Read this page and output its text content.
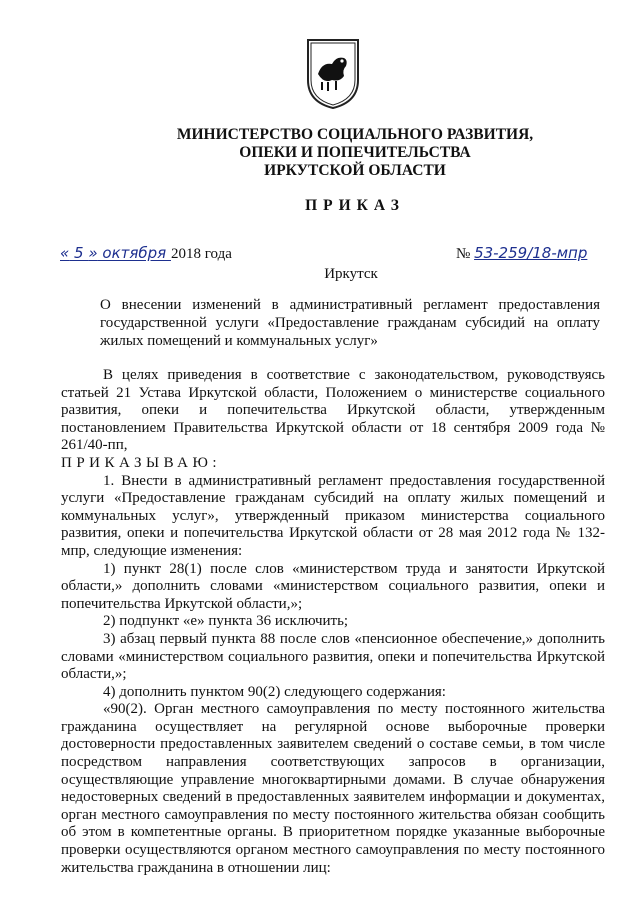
МИНИСТЕРСТВО СОЦИАЛЬНОГО РАЗВИТИЯ,
ОПЕКИ И ПОПЕЧИТЕЛЬСТВА
ИРКУТСКОЙ ОБЛАСТИ
ПРИКАЗ
« 5 » октября 2018 года	№ 53-259/18-мпр
Иркутск
О внесении изменений в административный регламент предоставления государственной услуги «Предоставление гражданам субсидий на оплату жилых помещений и коммунальных услуг»

В целях приведения в соответствие с законодательством, руководствуясь статьей 21 Устава Иркутской области, Положением о министерстве социального развития, опеки и попечительства Иркутской области, утвержденным постановлением Правительства Иркутской области от 18 сентября 2009 года № 261/40-пп,

ПРИКАЗЫВАЮ:

1. Внести в административный регламент предоставления государственной услуги «Предоставление гражданам субсидий на оплату жилых помещений и коммунальных услуг», утвержденный приказом министерства социального развития, опеки и попечительства Иркутской области от 28 мая 2012 года № 132-мпр, следующие изменения:

1) пункт 28(1) после слов «министерством труда и занятости Иркутской области,» дополнить словами «министерством социального развития, опеки и попечительства Иркутской области,»;

2) подпункт «е» пункта 36 исключить;

3) абзац первый пункта 88 после слов «пенсионное обеспечение,» дополнить словами «министерством социального развития, опеки и попечительства Иркутской области,»;

4) дополнить пунктом 90(2) следующего содержания:

«90(2). Орган местного самоуправления по месту постоянного жительства гражданина осуществляет на регулярной основе выборочные проверки достоверности предоставленных заявителем сведений о составе семьи, в том числе посредством направления соответствующих запросов в организации, осуществляющие управление многоквартирными домами. В случае обнаружения недостоверных сведений в предоставленных заявителем информации и документах, орган местного самоуправления по месту постоянного жительства обязан сообщить об этом в компетентные органы. В приоритетном порядке указанные выборочные проверки осуществляются органом местного самоуправления по месту постоянного жительства гражданина в отношении лиц:
